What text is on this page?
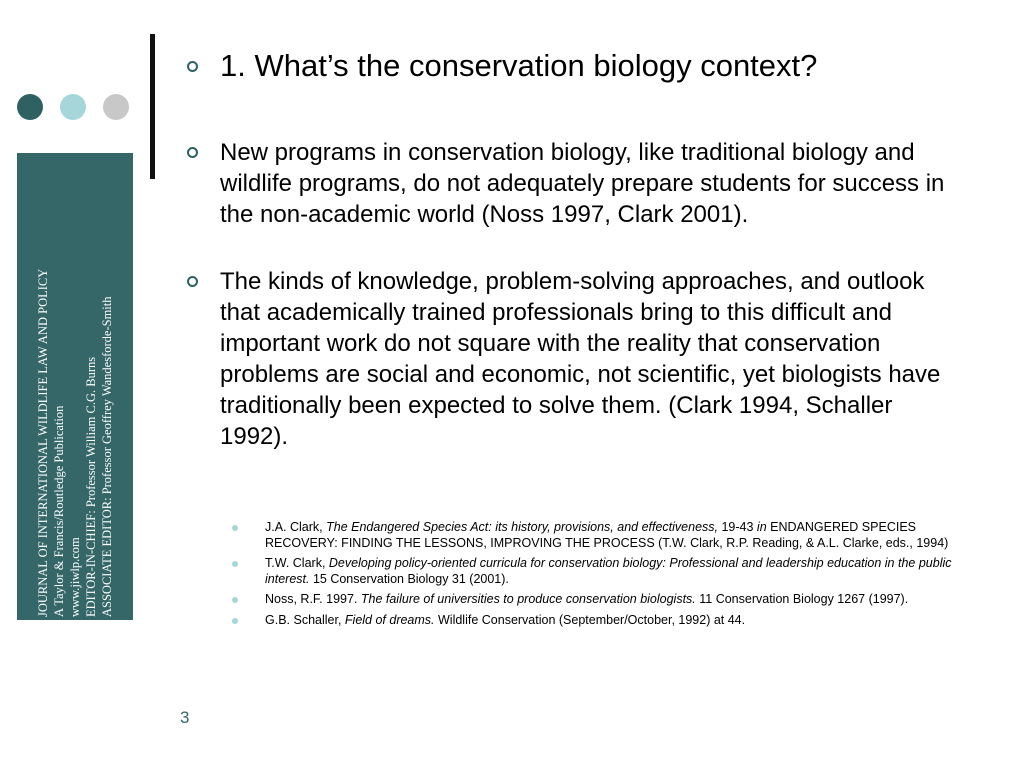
JOURNAL OF INTERNATIONAL WILDLIFE LAW AND POLICY A Taylor & Francis/Routledge Publication www.jiwlp.com EDITOR-IN-CHIEF: Professor William C.G. Burns ASSOCIATE EDITOR: Professor Geoffrey Wandesforde-Smith
1. What’s the conservation biology context?
New programs in conservation biology, like traditional biology and wildlife programs, do not adequately prepare students for success in the non-academic world (Noss 1997, Clark 2001).
The kinds of knowledge, problem-solving approaches, and outlook that academically trained professionals bring to this difficult and important work do not square with the reality that conservation problems are social and economic, not scientific, yet biologists have traditionally been expected to solve them. (Clark 1994, Schaller 1992).
J.A. Clark, The Endangered Species Act: its history, provisions, and effectiveness, 19-43 in ENDANGERED SPECIES RECOVERY: FINDING THE LESSONS, IMPROVING THE PROCESS (T.W. Clark, R.P. Reading, & A.L. Clarke, eds., 1994)
T.W. Clark, Developing policy-oriented curricula for conservation biology: Professional and leadership education in the public interest. 15 Conservation Biology 31 (2001).
Noss, R.F. 1997. The failure of universities to produce conservation biologists. 11 Conservation Biology 1267 (1997).
G.B. Schaller, Field of dreams. Wildlife Conservation (September/October, 1992) at 44.
3
